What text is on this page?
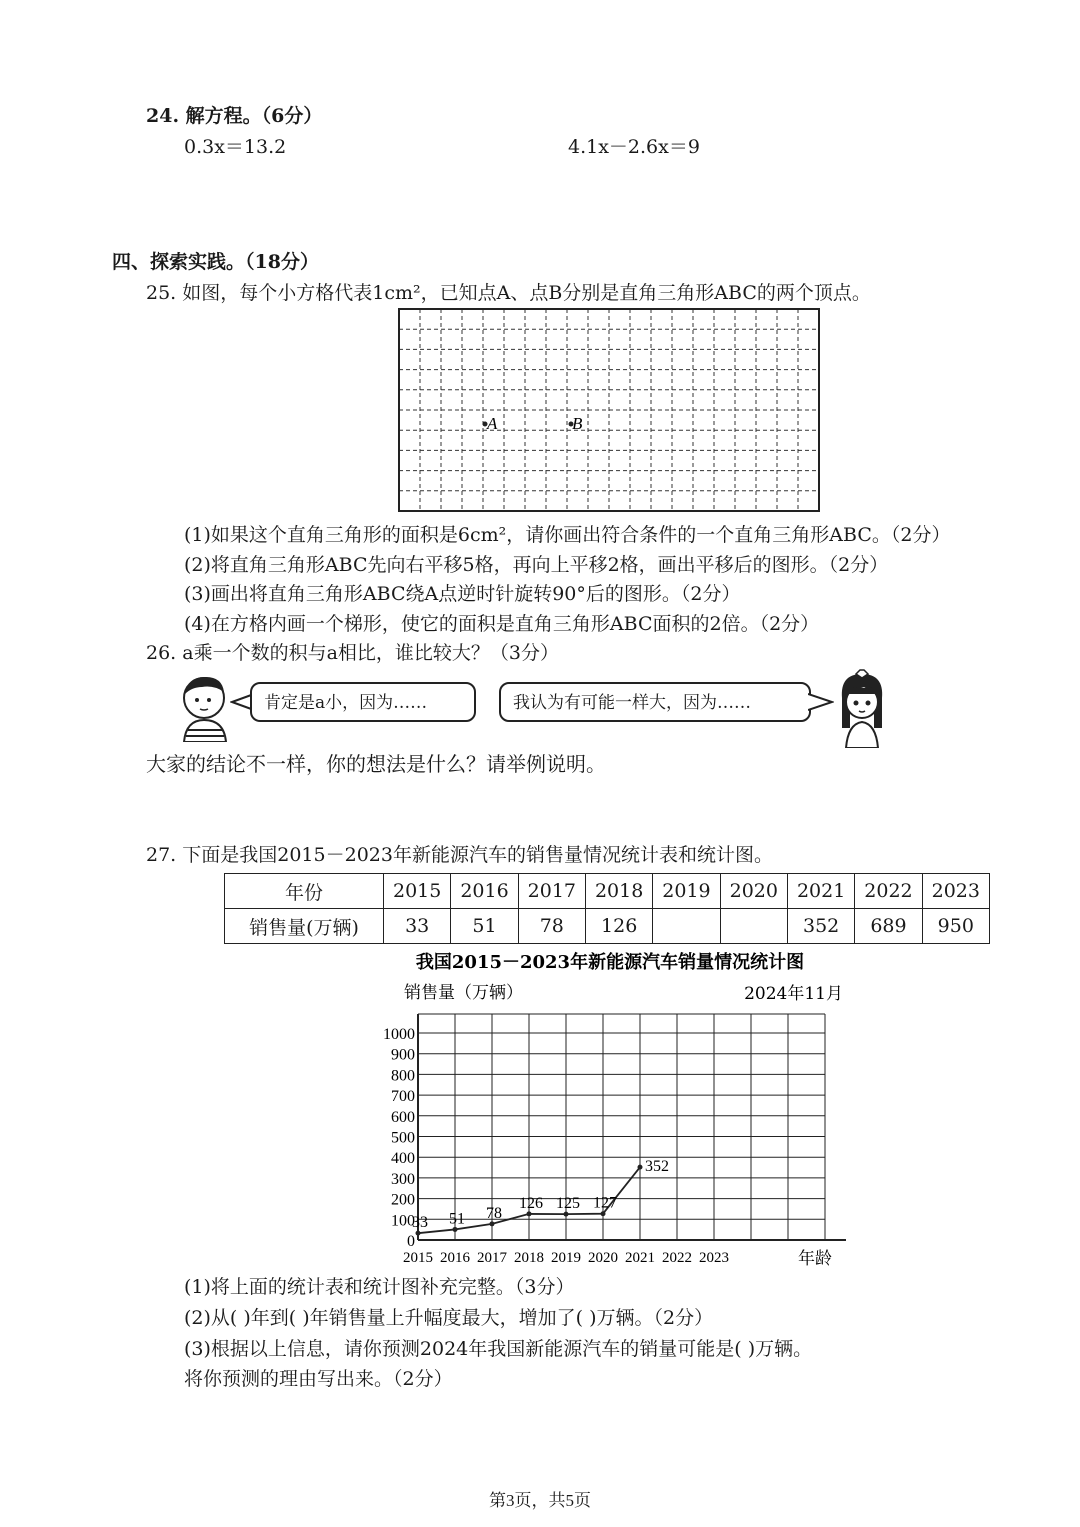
24. 解方程。（6分）
0.3x＝13.2	4.1x－2.6x＝9
四、探索实践。（18分）
25. 如图，每个小方格代表1cm²，已知点A、点B分别是直角三角形ABC的两个顶点。
A	B
(1)如果这个直角三角形的面积是6cm²，请你画出符合条件的一个直角三角形ABC。（2分）
(2)将直角三角形ABC先向右平移5格，再向上平移2格，画出平移后的图形。（2分）
(3)画出将直角三角形ABC绕A点逆时针旋转90°后的图形。（2分）
(4)在方格内画一个梯形，使它的面积是直角三角形ABC面积的2倍。（2分）
26. a乘一个数的积与a相比，谁比较大？（3分）
肯定是a小，因为……	我认为有可能一样大，因为……
大家的结论不一样，你的想法是什么？请举例说明。
27. 下面是我国2015－2023年新能源汽车的销售量情况统计表和统计图。
年份	2015	2016	2017	2018	2019	2020	2021	2022	2023
销售量(万辆)	33	51	78	126			352	689	950
我国2015－2023年新能源汽车销量情况统计图
销售量（万辆）	2024年11月
年龄
0
100
200
300
400
500
600
700
800
900
1000
2015 2016 2017 2018 2019 2020 2021 2022 2023
33 51 78
126 125 127
352
(1)将上面的统计表和统计图补充完整。（3分）
(2)从( )年到( )年销售量上升幅度最大，增加了( )万辆。（2分）
(3)根据以上信息，请你预测2024年我国新能源汽车的销量可能是( )万辆。
将你预测的理由写出来。（2分）
第3页，共5页
